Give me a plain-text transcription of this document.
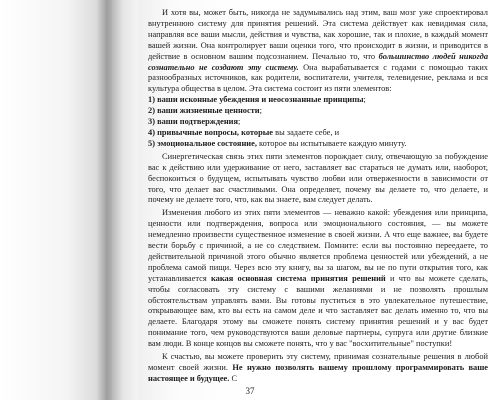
И хотя вы, может быть, никогда не задумывались над этим, ваш мозг уже спроектировал внутреннюю систему для принятия решений. Эта система действует как невидимая сила, направляя все ваши мысли, действия и чувства, как хорошие, так и плохие, в каждый момент вашей жизни. Она контролирует ваши оценки того, что происходит в жизни, и приводится в действие в основном вашим подсознанием. Печально то, что большинство людей никогда сознательно не создают эту систему. Она вырабатывается с годами с помощью таких разнообразных источников, как родители, воспитатели, учителя, телевидение, реклама и вся культура общества в целом. Эта система состоит из пяти элементов:

1) ваши исконные убеждения и неосознанные принципы;
2) ваши жизненные ценности;
3) ваши подтверждения;
4) привычные вопросы, которые вы задаете себе, и
5) эмоциональное состояние, которое вы испытываете каждую минуту.

Синергетическая связь этих пяти элементов порождает силу, отвечающую за побуждение вас к действию или удерживание от него, заставляет вас стараться не думать или, наоборот, беспокоиться о будущем, испытывать чувство любви или отверженности в зависимости от того, что делает вас счастливыми. Она определяет, почему вы делаете то, что делаете, и почему не делаете того, что, как вы знаете, вам следует делать.

Изменения любого из этих пяти элементов — неважно какой: убеждения или принципа, ценности или подтверждения, вопроса или эмоционального состояния, — вы можете немедленно произвести существенное изменение в своей жизни. А что еще важнее, вы будете вести борьбу с причиной, а не со следствием. Помните: если вы постоянно переедаете, то действительной причиной этого обычно является проблема ценностей или убеждений, а не проблема самой пищи. Через всю эту книгу, вы за шагом, вы не по пути открытия того, как устанавливается какая основная система принятия решений и что вы можете сделать, чтобы согласовать эту систему с вашими желаниями и не позволять прошлым обстоятельствам управлять вами. Вы готовы пуститься в это увлекательное путешествие, открывающее вам, кто вы есть на самом деле и что заставляет вас делать именно то, что вы делаете. Благодаря этому вы сможете понять систему принятия решений и у вас будет понимание того, чем руководствуются ваши деловые партнеры, супруга или другие близкие вам люди. В конце концов вы сможете понять, что у вас "восхитительные" поступки!

К счастью, вы можете проверить эту систему, принимая сознательные решения в любой момент своей жизни. Не нужно позволять вашему прошлому программировать ваше настоящее и будущее. С

37
